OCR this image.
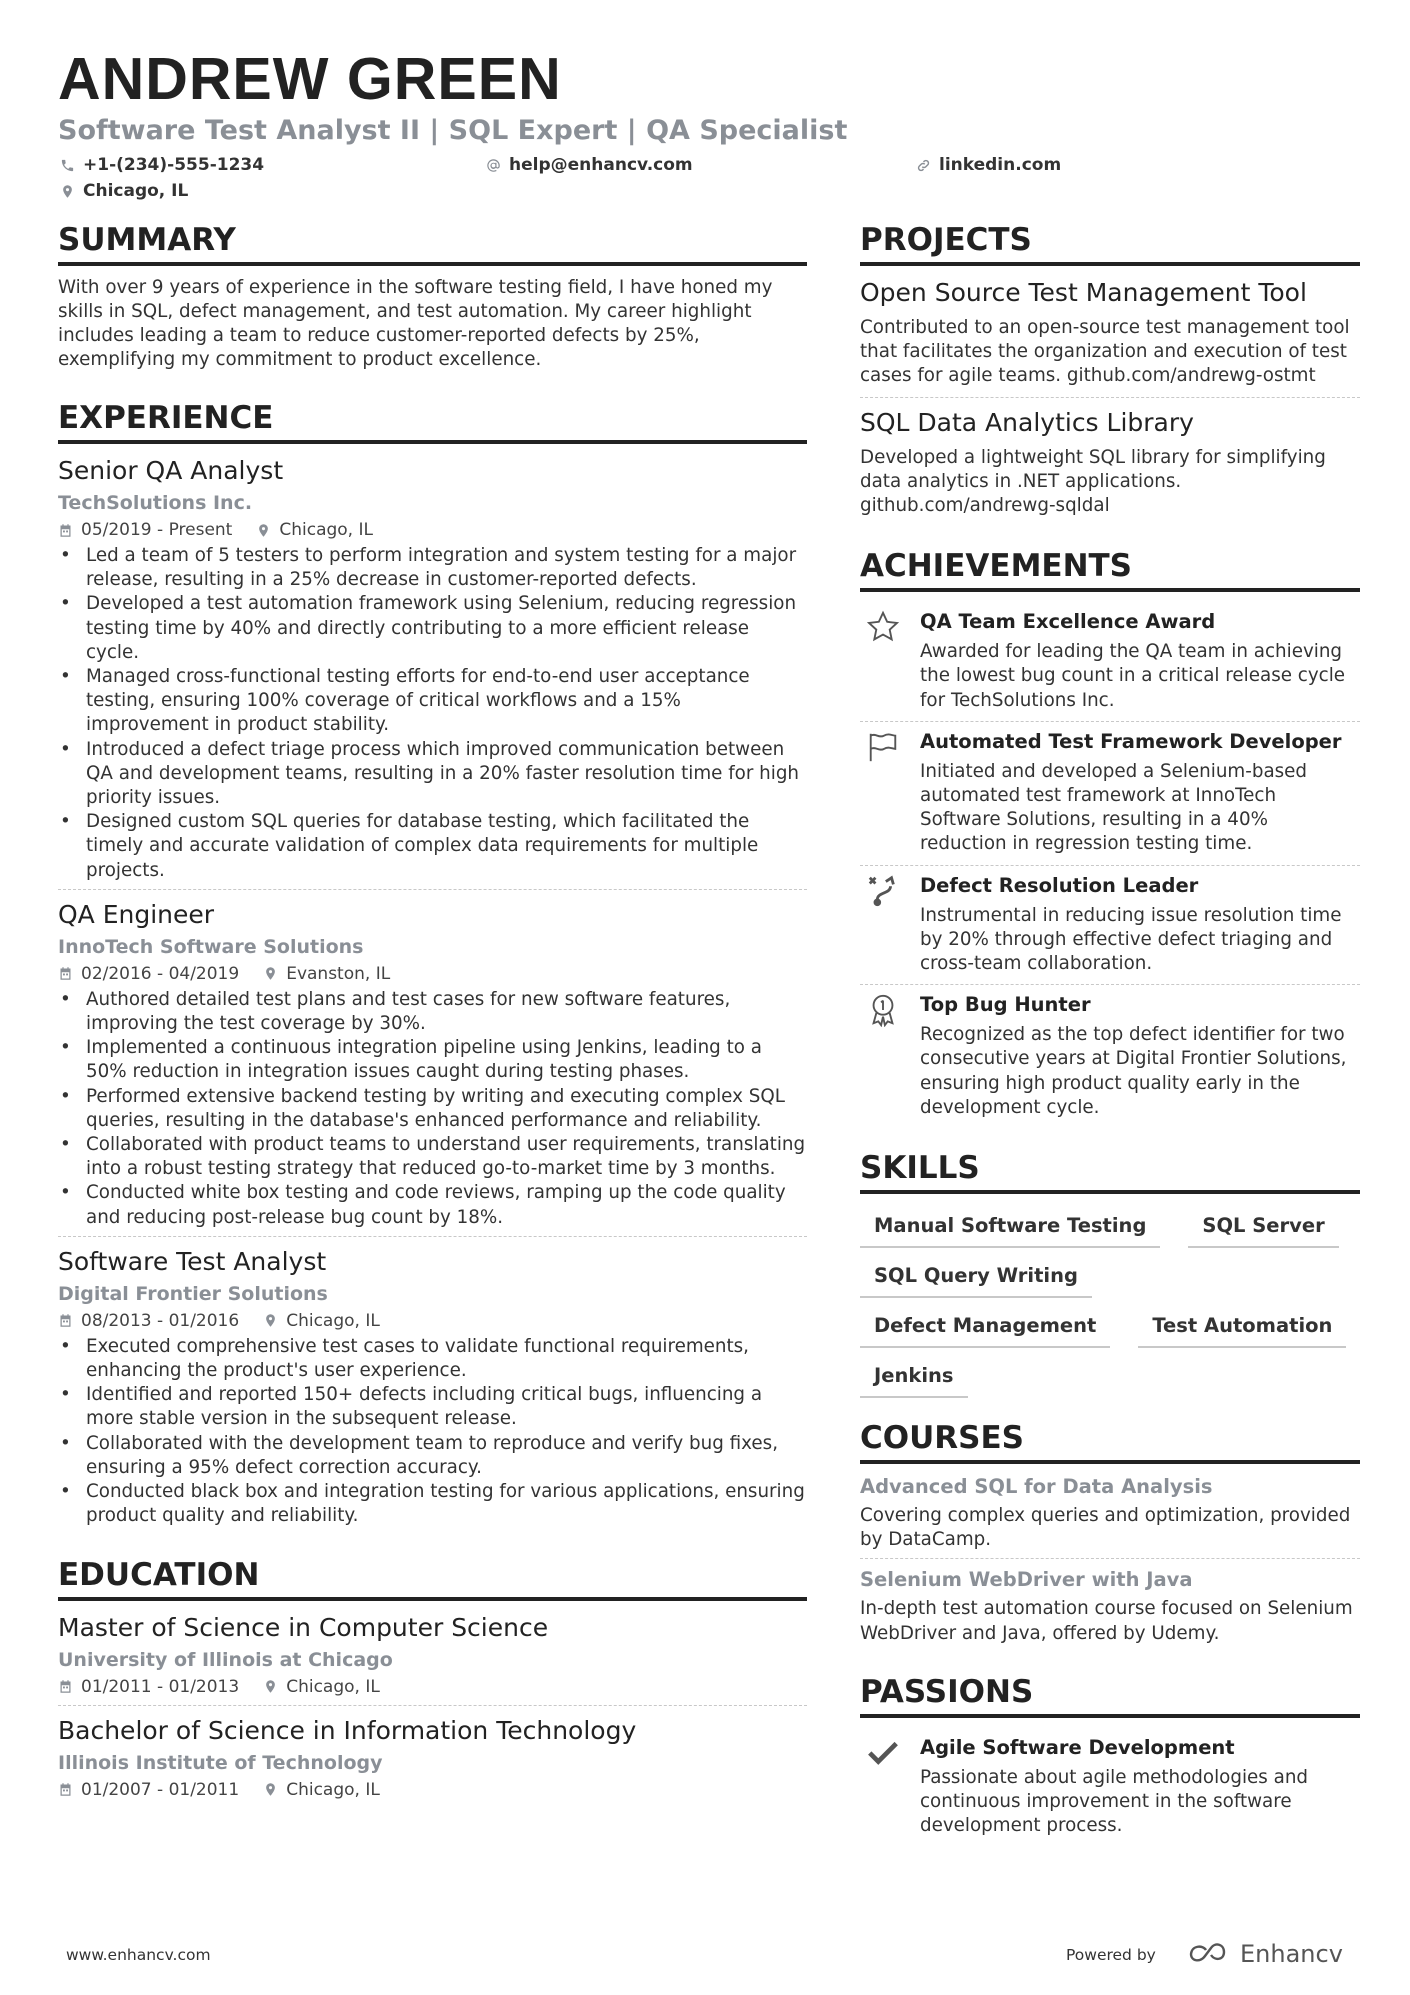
ANDREW GREEN
Software Test Analyst II | SQL Expert | QA Specialist
+1-(234)-555-1234	help@enhancv.com	linkedin.com
Chicago, IL
SUMMARY

With over 9 years of experience in the software testing field, I have honed my skills in SQL, defect management, and test automation. My career highlight includes leading a team to reduce customer-reported defects by 25%, exemplifying my commitment to product excellence.

EXPERIENCE
Senior QA Analyst
TechSolutions Inc.
05/2019 - Present	Chicago, IL
• Led a team of 5 testers to perform integration and system testing for a major release, resulting in a 25% decrease in customer-reported defects.
• Developed a test automation framework using Selenium, reducing regression testing time by 40% and directly contributing to a more efficient release cycle.
• Managed cross-functional testing efforts for end-to-end user acceptance testing, ensuring 100% coverage of critical workflows and a 15% improvement in product stability.
• Introduced a defect triage process which improved communication between QA and development teams, resulting in a 20% faster resolution time for high priority issues.
• Designed custom SQL queries for database testing, which facilitated the timely and accurate validation of complex data requirements for multiple projects.
QA Engineer
InnoTech Software Solutions
02/2016 - 04/2019	Evanston, IL
• Authored detailed test plans and test cases for new software features, improving the test coverage by 30%.
• Implemented a continuous integration pipeline using Jenkins, leading to a 50% reduction in integration issues caught during testing phases.
• Performed extensive backend testing by writing and executing complex SQL queries, resulting in the database's enhanced performance and reliability.
• Collaborated with product teams to understand user requirements, translating into a robust testing strategy that reduced go-to-market time by 3 months.
• Conducted white box testing and code reviews, ramping up the code quality and reducing post-release bug count by 18%.
Software Test Analyst
Digital Frontier Solutions
08/2013 - 01/2016	Chicago, IL
• Executed comprehensive test cases to validate functional requirements, enhancing the product's user experience.
• Identified and reported 150+ defects including critical bugs, influencing a more stable version in the subsequent release.
• Collaborated with the development team to reproduce and verify bug fixes, ensuring a 95% defect correction accuracy.
• Conducted black box and integration testing for various applications, ensuring product quality and reliability.
EDUCATION
Master of Science in Computer Science
University of Illinois at Chicago
01/2011 - 01/2013	Chicago, IL
Bachelor of Science in Information Technology
Illinois Institute of Technology
01/2007 - 01/2011	Chicago, IL
PROJECTS
Open Source Test Management Tool
Contributed to an open-source test management tool that facilitates the organization and execution of test cases for agile teams. github.com/andrewg-ostmt
SQL Data Analytics Library
Developed a lightweight SQL library for simplifying data analytics in .NET applications. github.com/andrewg-sqldal
ACHIEVEMENTS
QA Team Excellence Award
Awarded for leading the QA team in achieving the lowest bug count in a critical release cycle for TechSolutions Inc.
Automated Test Framework Developer
Initiated and developed a Selenium-based automated test framework at InnoTech Software Solutions, resulting in a 40% reduction in regression testing time.
Defect Resolution Leader
Instrumental in reducing issue resolution time by 20% through effective defect triaging and cross-team collaboration.
Top Bug Hunter
Recognized as the top defect identifier for two consecutive years at Digital Frontier Solutions, ensuring high product quality early in the development cycle.
SKILLS
Manual Software Testing	SQL Server
SQL Query Writing
Defect Management	Test Automation
Jenkins
COURSES
Advanced SQL for Data Analysis
Covering complex queries and optimization, provided by DataCamp.
Selenium WebDriver with Java
In-depth test automation course focused on Selenium WebDriver and Java, offered by Udemy.
PASSIONS
Agile Software Development
Passionate about agile methodologies and continuous improvement in the software development process.
www.enhancv.com	Powered by	Enhancv
